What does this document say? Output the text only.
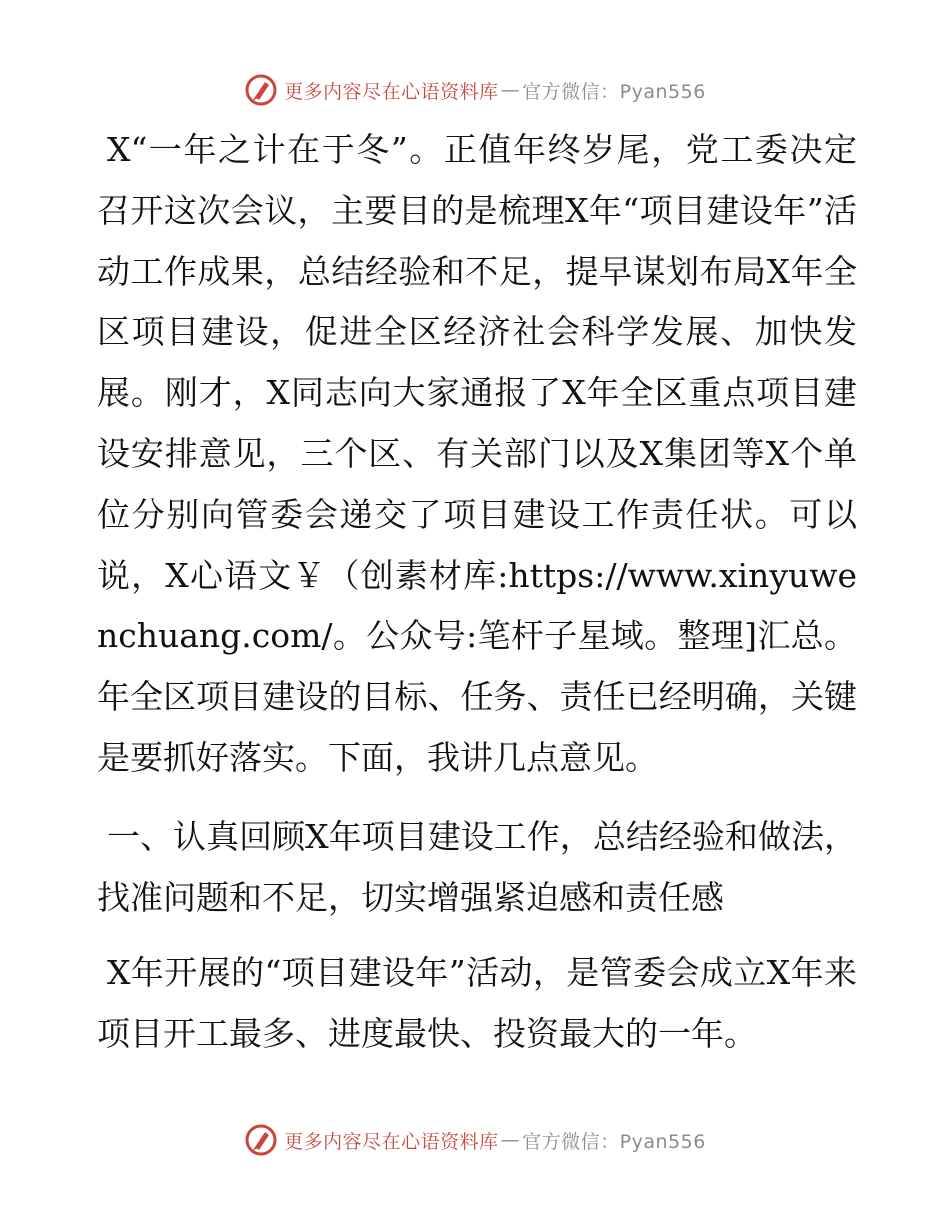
更多内容尽在心语资料库 — 官方微信：Pyan556

X“一年之计在于冬”。正值年终岁尾，党工委决定召开这次会议，主要目的是梳理X年“项目建设年”活动工作成果，总结经验和不足，提早谋划布局X年全区项目建设，促进全区经济社会科学发展、加快发展。刚才，X同志向大家通报了X年全区重点项目建设安排意见，三个区、有关部门以及X集团等X个单位分别向管委会递交了项目建设工作责任状。可以说，X心语文￥（创素材库:https://www.xinyuwenchuang.com/。公众号:笔杆子星域。整理]汇总。年全区项目建设的目标、任务、责任已经明确，关键是要抓好落实。下面，我讲几点意见。

一、认真回顾X年项目建设工作，总结经验和做法，找准问题和不足，切实增强紧迫感和责任感

X年开展的“项目建设年”活动，是管委会成立X年来项目开工最多、进度最快、投资最大的一年。

更多内容尽在心语资料库 — 官方微信：Pyan556
